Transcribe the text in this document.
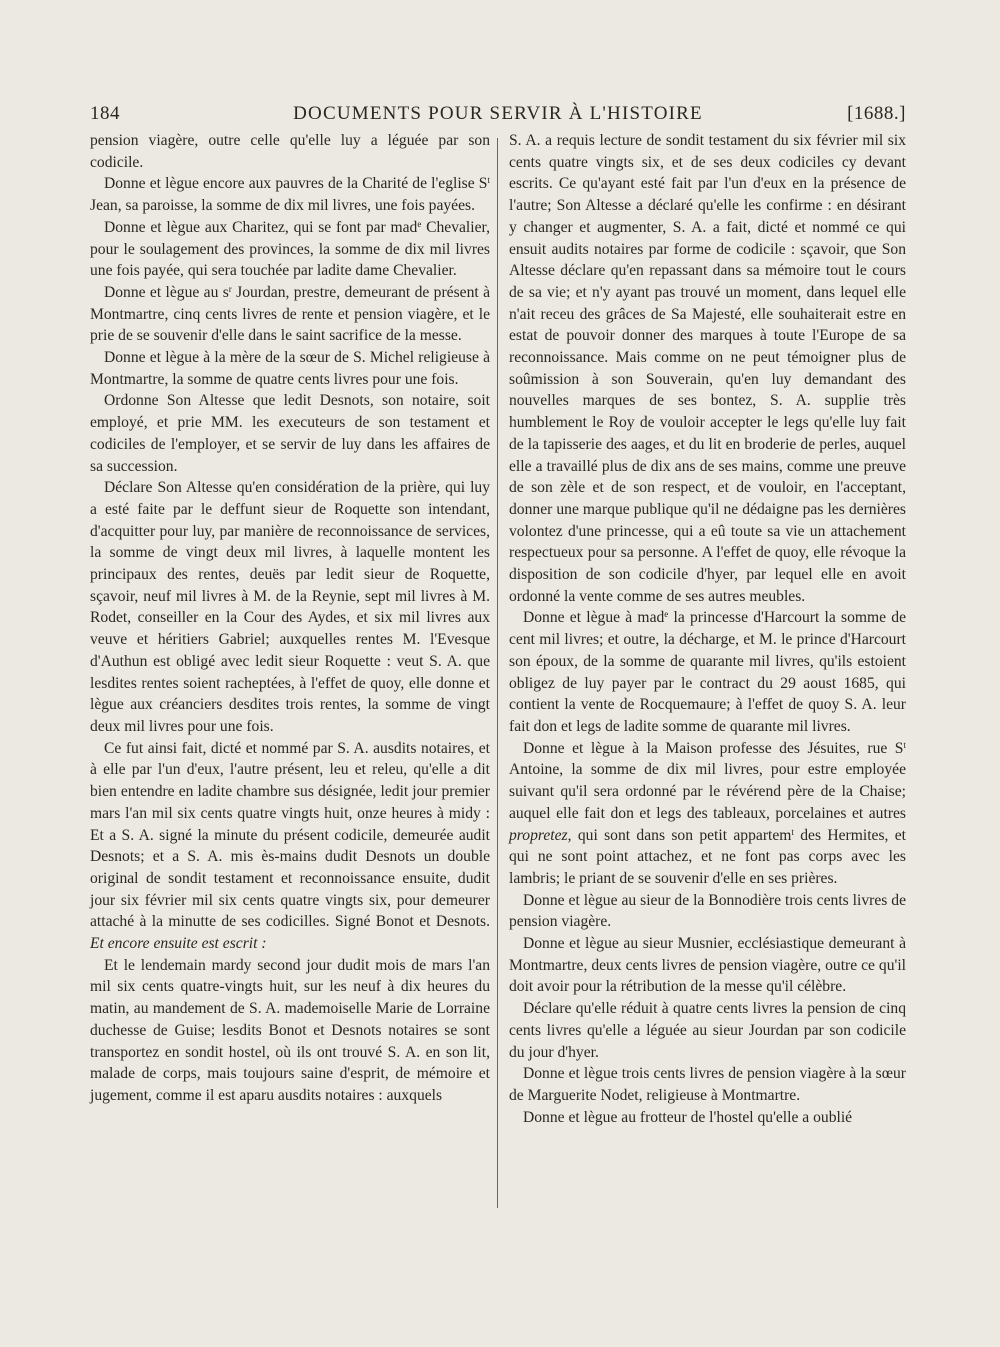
184	DOCUMENTS POUR SERVIR À L'HISTOIRE	[1688.]

pension viagère, outre celle qu'elle luy a léguée par son codicile.

Donne et lègue encore aux pauvres de la Charité de l'eglise $S^t$ Jean, sa paroisse, la somme de dix mil livres, une fois payées.

Donne et lègue aux Charitez, qui se font par mad$^e$ Chevalier, pour le soulagement des provinces, la somme de dix mil livres une fois payée, qui sera touchée par ladite dame Chevalier.

Donne et lègue au $s^r$ Jourdan, prestre, demeurant de présent à Montmartre, cinq cents livres de rente et pension viagère, et le prie de se souvenir d'elle dans le saint sacrifice de la messe.

Donne et lègue à la mère de la sœur de S. Michel religieuse à Montmartre, la somme de quatre cents livres pour une fois.

Ordonne Son Altesse que ledit Desnots, son notaire, soit employé, et prie MM. les executeurs de son testament et codiciles de l'employer, et se servir de luy dans les affaires de sa succession.

Déclare Son Altesse qu'en considération de la prière, qui luy a esté faite par le deffunt sieur de Roquette son intendant, d'acquitter pour luy, par manière de reconnoissance de services, la somme de vingt deux mil livres, à laquelle montent les principaux des rentes, deuës par ledit sieur de Roquette, sçavoir, neuf mil livres à M. de la Reynie, sept mil livres à M. Rodet, conseiller en la Cour des Aydes, et six mil livres aux veuve et héritiers Gabriel; auxquelles rentes M. l'Evesque d'Authun est obligé avec ledit sieur Roquette : veut S. A. que lesdites rentes soient racheptées, à l'effet de quoy, elle donne et lègue aux créanciers desdites trois rentes, la somme de vingt deux mil livres pour une fois.

Ce fut ainsi fait, dicté et nommé par S. A. ausdits notaires, et à elle par l'un d'eux, l'autre présent, leu et releu, qu'elle a dit bien entendre en ladite chambre sus désignée, ledit jour premier mars l'an mil six cents quatre vingts huit, onze heures à midy : Et a S. A. signé la minute du présent codicile, demeurée audit Desnots; et a S. A. mis ès-mains dudit Desnots un double original de sondit testament et reconnoissance ensuite, dudit jour six février mil six cents quatre vingts six, pour demeurer attaché à la minutte de ses codicilles. Signé Bonot et Desnots. Et encore ensuite est escrit :

Et le lendemain mardy second jour dudit mois de mars l'an mil six cents quatre-vingts huit, sur les neuf à dix heures du matin, au mandement de S. A. mademoiselle Marie de Lorraine duchesse de Guise; lesdits Bonot et Desnots notaires se sont transportez en sondit hostel, où ils ont trouvé S. A. en son lit, malade de corps, mais toujours saine d'esprit, de mémoire et jugement, comme il est aparu ausdits notaires : auxquels

S. A. a requis lecture de sondit testament du six février mil six cents quatre vingts six, et de ses deux codiciles cy devant escrits. Ce qu'ayant esté fait par l'un d'eux en la présence de l'autre; Son Altesse a déclaré qu'elle les confirme : en désirant y changer et augmenter, S. A. a fait, dicté et nommé ce qui ensuit audits notaires par forme de codicile : sçavoir, que Son Altesse déclare qu'en repassant dans sa mémoire tout le cours de sa vie; et n'y ayant pas trouvé un moment, dans lequel elle n'ait receu des grâces de Sa Majesté, elle souhaiterait estre en estat de pouvoir donner des marques à toute l'Europe de sa reconnoissance. Mais comme on ne peut témoigner plus de soûmission à son Souverain, qu'en luy demandant des nouvelles marques de ses bontez, S. A. supplie très humblement le Roy de vouloir accepter le legs qu'elle luy fait de la tapisserie des aages, et du lit en broderie de perles, auquel elle a travaillé plus de dix ans de ses mains, comme une preuve de son zèle et de son respect, et de vouloir, en l'acceptant, donner une marque publique qu'il ne dédaigne pas les dernières volontez d'une princesse, qui a eû toute sa vie un attachement respectueux pour sa personne. A l'effet de quoy, elle révoque la disposition de son codicile d'hyer, par lequel elle en avoit ordonné la vente comme de ses autres meubles.

Donne et lègue à mad$^e$ la princesse d'Harcourt la somme de cent mil livres; et outre, la décharge, et M. le prince d'Harcourt son époux, de la somme de quarante mil livres, qu'ils estoient obligez de luy payer par le contract du 29 aoust 1685, qui contient la vente de Rocquemaure; à l'effet de quoy S. A. leur fait don et legs de ladite somme de quarante mil livres.

Donne et lègue à la Maison professe des Jésuites, rue $S^t$ Antoine, la somme de dix mil livres, pour estre employée suivant qu'il sera ordonné par le révérend père de la Chaise; auquel elle fait don et legs des tableaux, porcelaines et autres propretez, qui sont dans son petit appartem$^t$ des Hermites, et qui ne sont point attachez, et ne font pas corps avec les lambris; le priant de se souvenir d'elle en ses prières.

Donne et lègue au sieur de la Bonnodière trois cents livres de pension viagère.

Donne et lègue au sieur Musnier, ecclésiastique demeurant à Montmartre, deux cents livres de pension viagère, outre ce qu'il doit avoir pour la rétribution de la messe qu'il célèbre.

Déclare qu'elle réduit à quatre cents livres la pension de cinq cents livres qu'elle a léguée au sieur Jourdan par son codicile du jour d'hyer.

Donne et lègue trois cents livres de pension viagère à la sœur de Marguerite Nodet, religieuse à Montmartre.

Donne et lègue au frotteur de l'hostel qu'elle a oublié
